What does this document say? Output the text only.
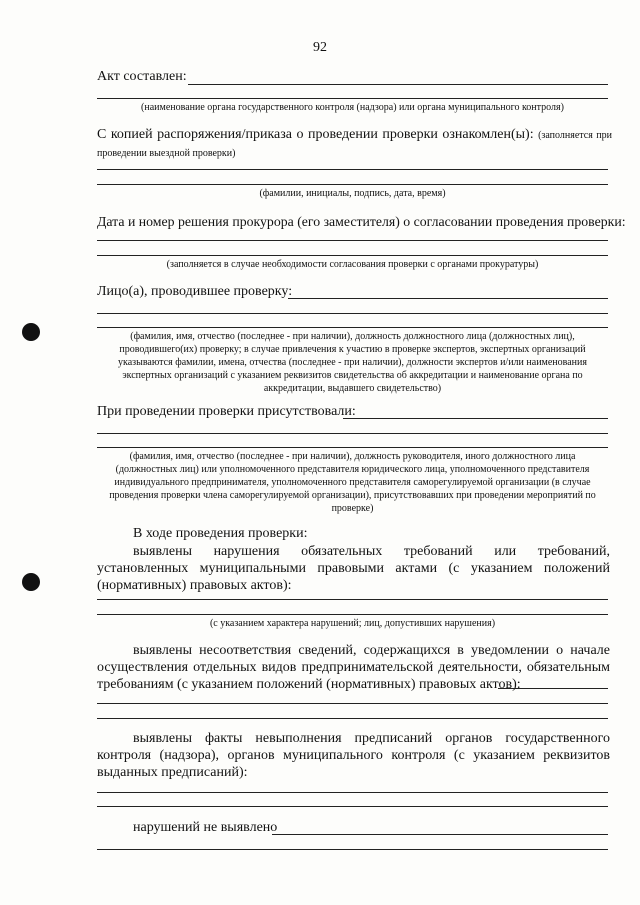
92
Акт составлен:
(наименование органа государственного контроля (надзора) или органа муниципального контроля)
С копией распоряжения/приказа о проведении проверки ознакомлен(ы): (заполняется при проведении выездной проверки)
(фамилии, инициалы, подпись, дата, время)
Дата и номер решения прокурора (его заместителя) о согласовании проведения проверки:
(заполняется в случае необходимости согласования проверки с органами прокуратуры)
Лицо(а), проводившее проверку:
(фамилия, имя, отчество (последнее - при наличии), должность должностного лица (должностных лиц), проводившего(их) проверку; в случае привлечения к участию в проверке экспертов, экспертных организаций указываются фамилии, имена, отчества (последнее - при наличии), должности экспертов и/или наименования экспертных организаций с указанием реквизитов свидетельства об аккредитации и наименование органа по аккредитации, выдавшего свидетельство)
При проведении проверки присутствовали:
(фамилия, имя, отчество (последнее - при наличии), должность руководителя, иного должностного лица (должностных лиц) или уполномоченного представителя юридического лица, уполномоченного представителя индивидуального предпринимателя, уполномоченного представителя саморегулируемой организации (в случае проведения проверки члена саморегулируемой организации), присутствовавших при проведении мероприятий по проверке)
В ходе проведения проверки:
выявлены нарушения обязательных требований или требований, установленных муниципальными правовыми актами (с указанием положений (нормативных) правовых актов):
(с указанием характера нарушений; лиц, допустивших нарушения)
выявлены несоответствия сведений, содержащихся в уведомлении о начале осуществления отдельных видов предпринимательской деятельности, обязательным требованиям (с указанием положений (нормативных) правовых актов):
выявлены факты невыполнения предписаний органов государственного контроля (надзора), органов муниципального контроля (с указанием реквизитов выданных предписаний):
нарушений не выявлено
